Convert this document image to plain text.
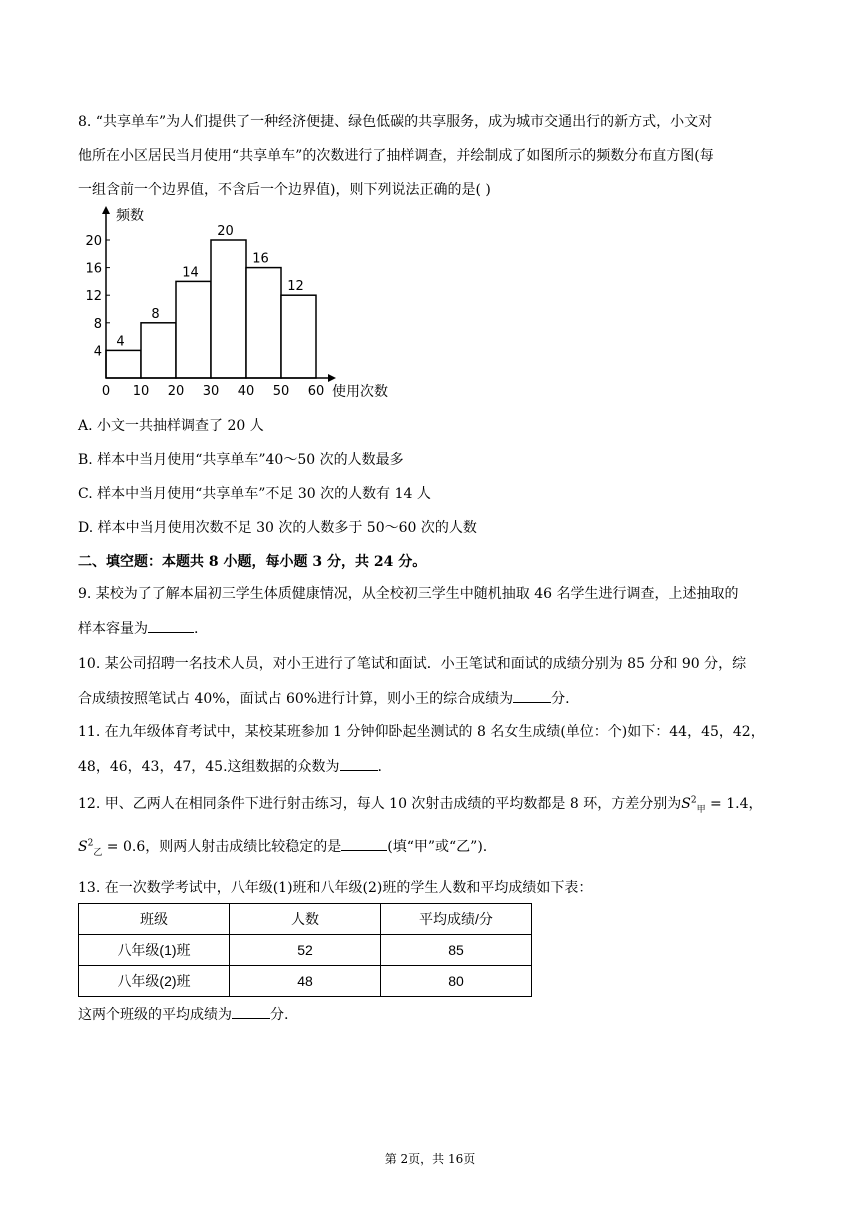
8. “共享单车”为人们提供了一种经济便捷、绿色低碳的共享服务，成为城市交通出行的新方式，小文对
他所在小区居民当月使用“共享单车”的次数进行了抽样调查，并绘制成了如图所示的频数分布直方图(每
一组含前一个边界值，不含后一个边界值)，则下列说法正确的是( )
4
8
14
20
16
12
0 10 20 30 40 50 60
4
8
12
16
20
频数
使用次数
A. 小文一共抽样调查了 20 人
B. 样本中当月使用“共享单车”40～50 次的人数最多
C. 样本中当月使用“共享单车”不足 30 次的人数有 14 人
D. 样本中当月使用次数不足 30 次的人数多于 50～60 次的人数
二、填空题：本题共 8 小题，每小题 3 分，共 24 分。
9. 某校为了了解本届初三学生体质健康情况，从全校初三学生中随机抽取 46 名学生进行调查，上述抽取的
样本容量为	.
10. 某公司招聘一名技术人员，对小王进行了笔试和面试．小王笔试和面试的成绩分别为 85 分和 90 分，综
合成绩按照笔试占 40%，面试占 60%进行计算，则小王的综合成绩为	分.
11. 在九年级体育考试中，某校某班参加 1 分钟仰卧起坐测试的 8 名女生成绩(单位：个)如下：44，45，42，
48，46，43，47，45.这组数据的众数为	.
12. 甲、乙两人在相同条件下进行射击练习，每人 10 次射击成绩的平均数都是 8 环，方差分别为$S^2_甲 = 1.4$，
$S^2_乙 = 0.6$，则两人射击成绩比较稳定的是	(填“甲”或“乙”).
13. 在一次数学考试中，八年级(1)班和八年级(2)班的学生人数和平均成绩如下表：
班级	人数	平均成绩/分
八年级(1)班	52	85
八年级(2)班	48	80
这两个班级的平均成绩为	分.
第 2页，共 16页
